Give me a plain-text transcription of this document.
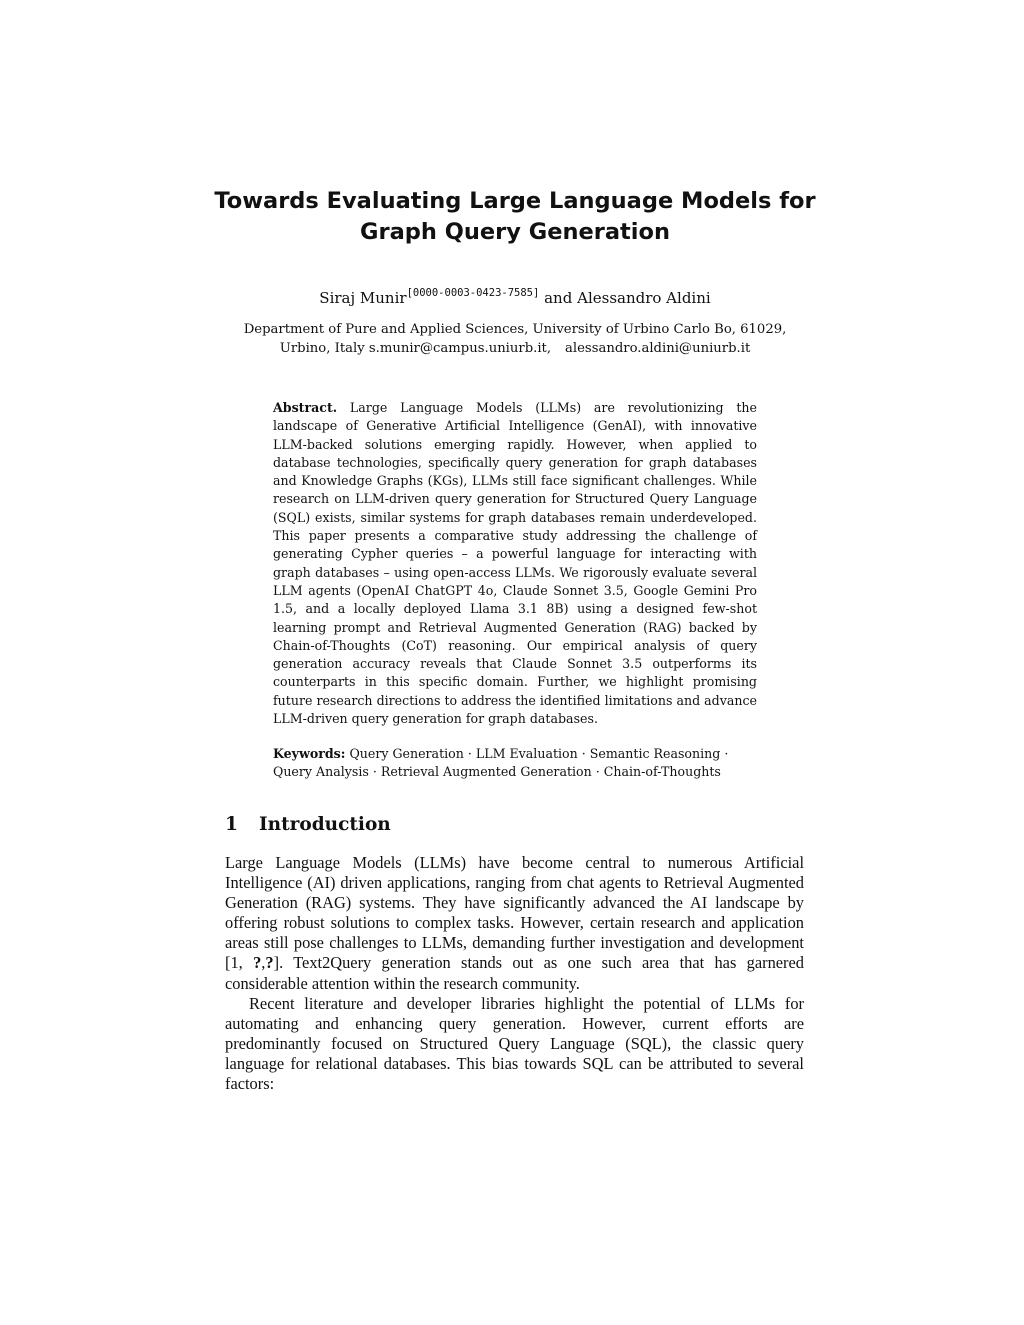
Towards Evaluating Large Language Models for
Graph Query Generation
Siraj Munir[0000-0003-0423-7585] and Alessandro Aldini
Department of Pure and Applied Sciences, University of Urbino Carlo Bo, 61029,
Urbino, Italy s.munir@campus.uniurb.it, alessandro.aldini@uniurb.it
Abstract. Large Language Models (LLMs) are revolutionizing the landscape of Generative Artificial Intelligence (GenAI), with innovative LLM-backed solutions emerging rapidly. However, when applied to database technologies, specifically query generation for graph databases and Knowledge Graphs (KGs), LLMs still face significant challenges. While research on LLM-driven query generation for Structured Query Language (SQL) exists, similar systems for graph databases remain underdeveloped. This paper presents a comparative study addressing the challenge of generating Cypher queries – a powerful language for interacting with graph databases – using open-access LLMs. We rigorously evaluate several LLM agents (OpenAI ChatGPT 4o, Claude Sonnet 3.5, Google Gemini Pro 1.5, and a locally deployed Llama 3.1 8B) using a designed few-shot learning prompt and Retrieval Augmented Generation (RAG) backed by Chain-of-Thoughts (CoT) reasoning. Our empirical analysis of query generation accuracy reveals that Claude Sonnet 3.5 outperforms its counterparts in this specific domain. Further, we highlight promising future research directions to address the identified limitations and advance LLM-driven query generation for graph databases.
Keywords: Query Generation · LLM Evaluation · Semantic Reasoning · Query Analysis · Retrieval Augmented Generation · Chain-of-Thoughts
1 Introduction

Large Language Models (LLMs) have become central to numerous Artificial Intelligence (AI) driven applications, ranging from chat agents to Retrieval Augmented Generation (RAG) systems. They have significantly advanced the AI landscape by offering robust solutions to complex tasks. However, certain research and application areas still pose challenges to LLMs, demanding further investigation and development [1, ?,?]. Text2Query generation stands out as one such area that has garnered considerable attention within the research community.

Recent literature and developer libraries highlight the potential of LLMs for automating and enhancing query generation. However, current efforts are predominantly focused on Structured Query Language (SQL), the classic query language for relational databases. This bias towards SQL can be attributed to several factors:
